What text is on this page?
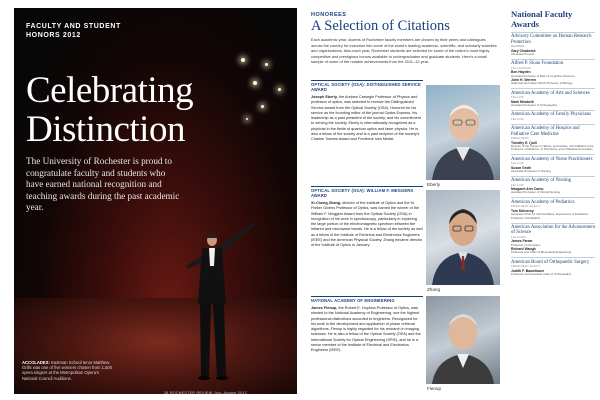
FACULTY AND STUDENT
HONORS 2012
Celebrating
Distinction
The University of Rochester is proud to congratulate faculty and students who have earned national recognition and teaching awards during the past academic year.
ACCOLADES: Eastman School tenor Matthew Grills was one of five winners chosen from 1,500 opera singers at the Metropolitan Opera's National Council Auditions.
26 ROCHESTER REVIEW July–August 2012
HONOREES
A Selection of Citations
Each academic year, dozens of Rochester faculty members are chosen by their peers and colleagues across the country for induction into some of the world's leading academic, scientific, and scholarly societies and organizations. Also each year, Rochester students are selected for some of the nation's most highly competitive and prestigious honors available to undergraduates and graduate students. Here's a small sample of some of the notable achievements from the 2011–12 year.
OPTICAL SOCIETY (OSA): DISTINGUISHED SERVICE AWARD
Joseph Eberly, the Andrew Carnegie Professor of Physics and professor of optics, was selected to receive the Distinguished Service Award from the Optical Society (OSA). Honored for his service as the founding editor of the journal Optics Express, his leadership as a past president of the society, and his commitment to serving the society, Eberly is internationally recognized as a physicist in the fields of quantum optics and laser physics. He is also a fellow of the society and is a past recipient of the society's Charles Townes Award and Frederick Ives Medal.
OPTICAL SOCIETY (OSA): WILLIAM F. MEGGERS AWARD
Xi-Cheng Zhang, director of the Institute of Optics and the M. Parker Givens Professor of Optics, was named the winner of the William F. Meggers Award from the Optical Society (OSA) in recognition of his work in spectroscopy, particularly in exploring the large portion of the electromagnetic spectrum between the infrared and microwave bands. He is a fellow of the society as well as a fellow of the Institute of Electrical and Electronics Engineers (IEEE) and the American Physical Society. Zhang became director of the Institute of Optics in January.
NATIONAL ACADEMY OF ENGINEERING
James Fienup, the Robert E. Hopkins Professor of Optics, was elected to the National Academy of Engineering, one the highest professional distinctions accorded to engineers. Recognized for his work in the development and application of phase retrieval algorithms, Fienup is highly regarded for his research in imaging sciences. He is also a fellow of the Optical Society (OSA) and the International Society for Optical Engineering (SPIE), and he is a senior member of the Institute of Electrical and Electronics Engineers (IEEE).
Eberly
Zhang
Fienup
National Faculty Awards
Advisory Committee on Human Research Protection
MEMBER
Gary Chadwick
Associate Provost
Alfred P. Sloan Foundation
FELLOWSHIP
Ben Hayden
Assistant Professor of Brain & Cognitive Sciences
John H. Werren
Nathaniel and Helen Wisch Professor of Biology
American Academy of Arts and Sciences
FELLOW
Mark Mirabelli
Assistant Professor of Orthopaedics
American Academy of Family Physicians
FELLOW
American Academy of Hospice and Palliative Care Medicine
PRESIDENT
Timothy E. Quill
Director of the Center for Ethics, Humanities, and Palliative Care; Professor of Medicine, of Psychiatry, and of Medical Humanities
American Academy of Nurse Practitioners
FELLOW
Susan Groth
Associate Professor of Nursing
American Academy of Nursing
FELLOW
Margaret Ann Carno
Assistant Professor of Clinical Nursing
American Academy of Pediatrics
PRESIDENT-ELECT
Tom McInerny
Associate Chair for Clinical Affairs, Department of Pediatrics; Professor of Pediatrics
American Association for the Advancement of Science
FELLOWS
James Farrar
Professor of Chemistry
Richard Waugh
Professor and Chair of Biomedical Engineering
American Board of Orthopaedic Surgery
PRESIDENT-ELECT
Judith F. Baumhauer
Professor and Associate Chair of Orthopaedics
